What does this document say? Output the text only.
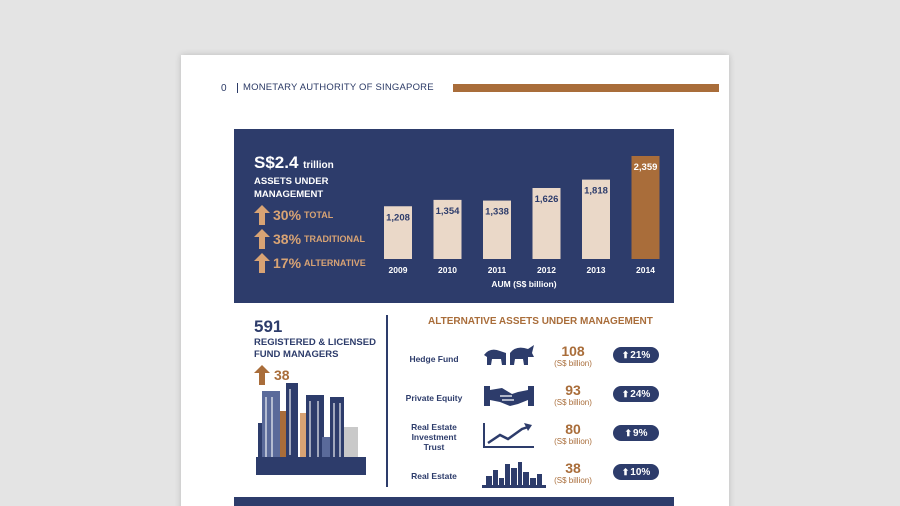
0	MONETARY AUTHORITY OF SINGAPORE
S$2.4 trillion
ASSETS UNDER MANAGEMENT
30% TOTAL
38% TRADITIONAL
17% ALTERNATIVE
1,208
2009
1,354
2010
1,338
2011
1,626
2012
1,818
2013
2,359
2014
AUM (S$ billion)
591
REGISTERED & LICENSED FUND MANAGERS
38
ALTERNATIVE ASSETS UNDER MANAGEMENT
Hedge Fund	108
(S$ billion)
⬆ 21%
Private Equity	93
(S$ billion)
⬆ 24%
Real Estate Investment Trust
80
(S$ billion)
⬆ 9%
Real Estate	38
(S$ billion)
⬆ 10%
